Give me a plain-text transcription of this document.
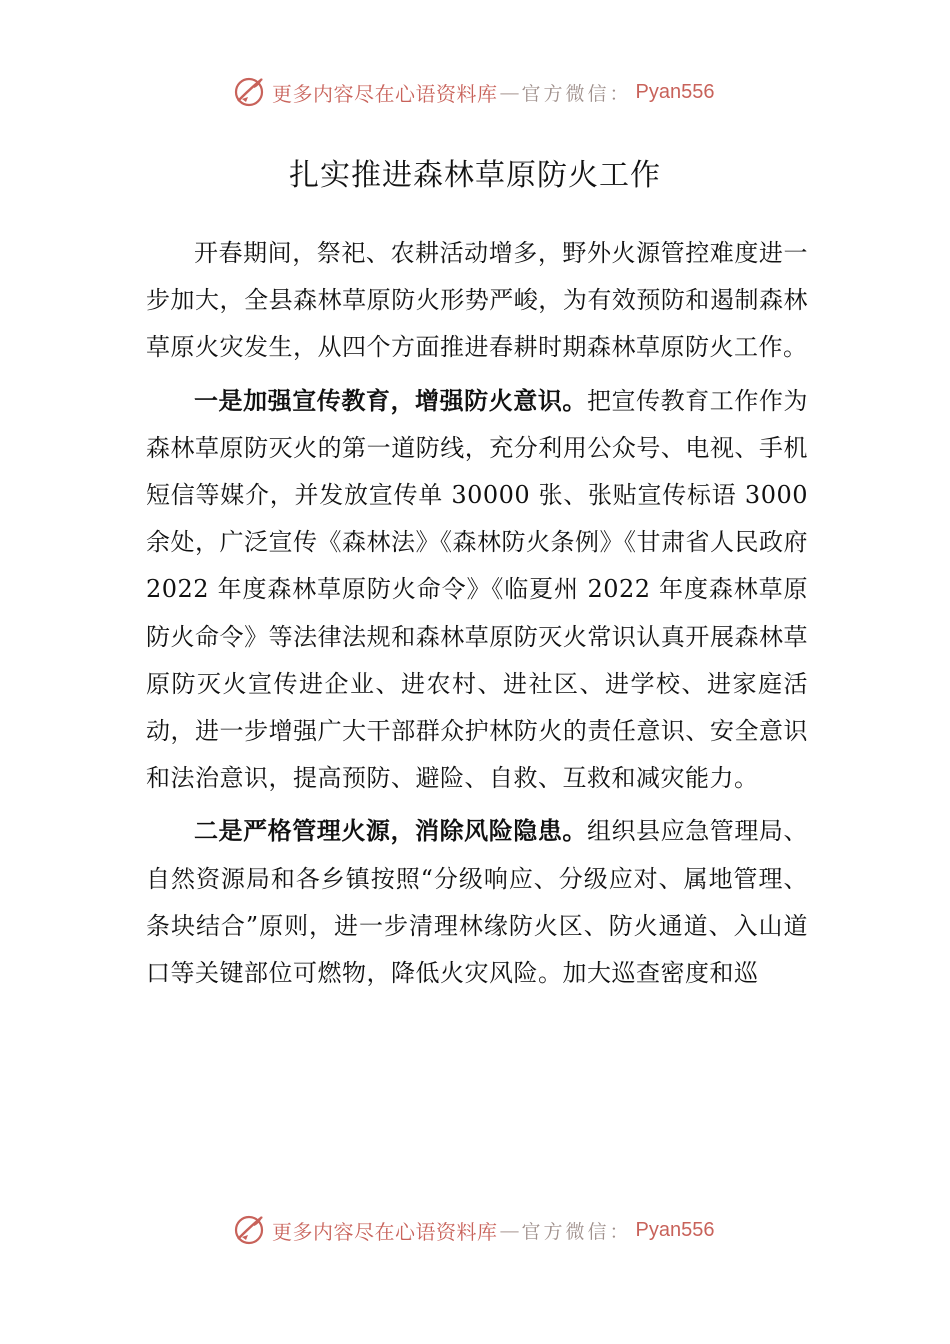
更多内容尽在心语资料库 — 官方微信： Pyan556
扎实推进森林草原防火工作

开春期间，祭祀、农耕活动增多，野外火源管控难度进一步加大，全县森林草原防火形势严峻，为有效预防和遏制森林草原火灾发生，从四个方面推进春耕时期森林草原防火工作。

一是加强宣传教育，增强防火意识。把宣传教育工作作为森林草原防灭火的第一道防线，充分利用公众号、电视、手机短信等媒介，并发放宣传单 30000 张、张贴宣传标语 3000 余处，广泛宣传《森林法》《森林防火条例》《甘肃省人民政府 2022 年度森林草原防火命令》《临夏州 2022 年度森林草原防火命令》等法律法规和森林草原防灭火常识认真开展森林草原防灭火宣传进企业、进农村、进社区、进学校、进家庭活动，进一步增强广大干部群众护林防火的责任意识、安全意识和法治意识，提高预防、避险、自救、互救和减灾能力。

二是严格管理火源，消除风险隐患。组织县应急管理局、自然资源局和各乡镇按照“分级响应、分级应对、属地管理、条块结合”原则，进一步清理林缘防火区、防火通道、入山道口等关键部位可燃物，降低火灾风险。加大巡查密度和巡

更多内容尽在心语资料库 — 官方微信： Pyan556
